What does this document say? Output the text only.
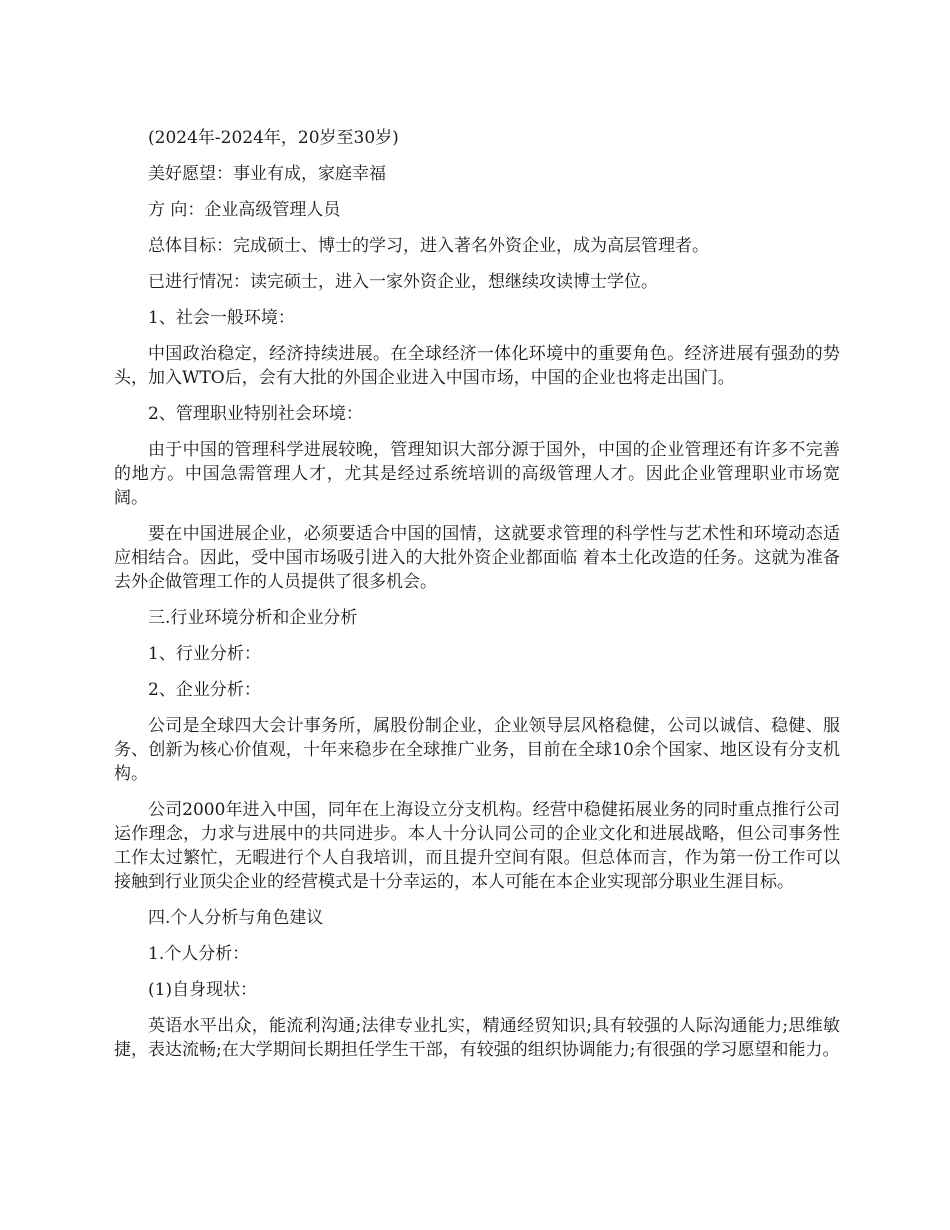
(2024年-2024年，20岁至30岁)

美好愿望：事业有成，家庭幸福

方 向：企业高级管理人员

总体目标：完成硕士、博士的学习，进入著名外资企业，成为高层管理者。

已进行情况：读完硕士，进入一家外资企业，想继续攻读博士学位。

1、社会一般环境：

中国政治稳定，经济持续进展。在全球经济一体化环境中的重要角色。经济进展有强劲的势头，加入WTO后，会有大批的外国企业进入中国市场，中国的企业也将走出国门。

2、管理职业特别社会环境：

由于中国的管理科学进展较晚，管理知识大部分源于国外，中国的企业管理还有许多不完善的地方。中国急需管理人才，尤其是经过系统培训的高级管理人才。因此企业管理职业市场宽阔。

要在中国进展企业，必须要适合中国的国情，这就要求管理的科学性与艺术性和环境动态适应相结合。因此，受中国市场吸引进入的大批外资企业都面临 着本土化改造的任务。这就为准备去外企做管理工作的人员提供了很多机会。

三.行业环境分析和企业分析

1、行业分析：

2、企业分析：

公司是全球四大会计事务所，属股份制企业，企业领导层风格稳健，公司以诚信、稳健、服务、创新为核心价值观，十年来稳步在全球推广业务，目前在全球10余个国家、地区设有分支机构。

公司2000年进入中国，同年在上海设立分支机构。经营中稳健拓展业务的同时重点推行公司运作理念，力求与进展中的共同进步。本人十分认同公司的企业文化和进展战略，但公司事务性工作太过繁忙，无暇进行个人自我培训，而且提升空间有限。但总体而言，作为第一份工作可以接触到行业顶尖企业的经营模式是十分幸运的，本人可能在本企业实现部分职业生涯目标。

四.个人分析与角色建议

1.个人分析：

(1)自身现状：

英语水平出众，能流利沟通;法律专业扎实，精通经贸知识;具有较强的人际沟通能力;思维敏捷，表达流畅;在大学期间长期担任学生干部，有较强的组织协调能力;有很强的学习愿望和能力。
